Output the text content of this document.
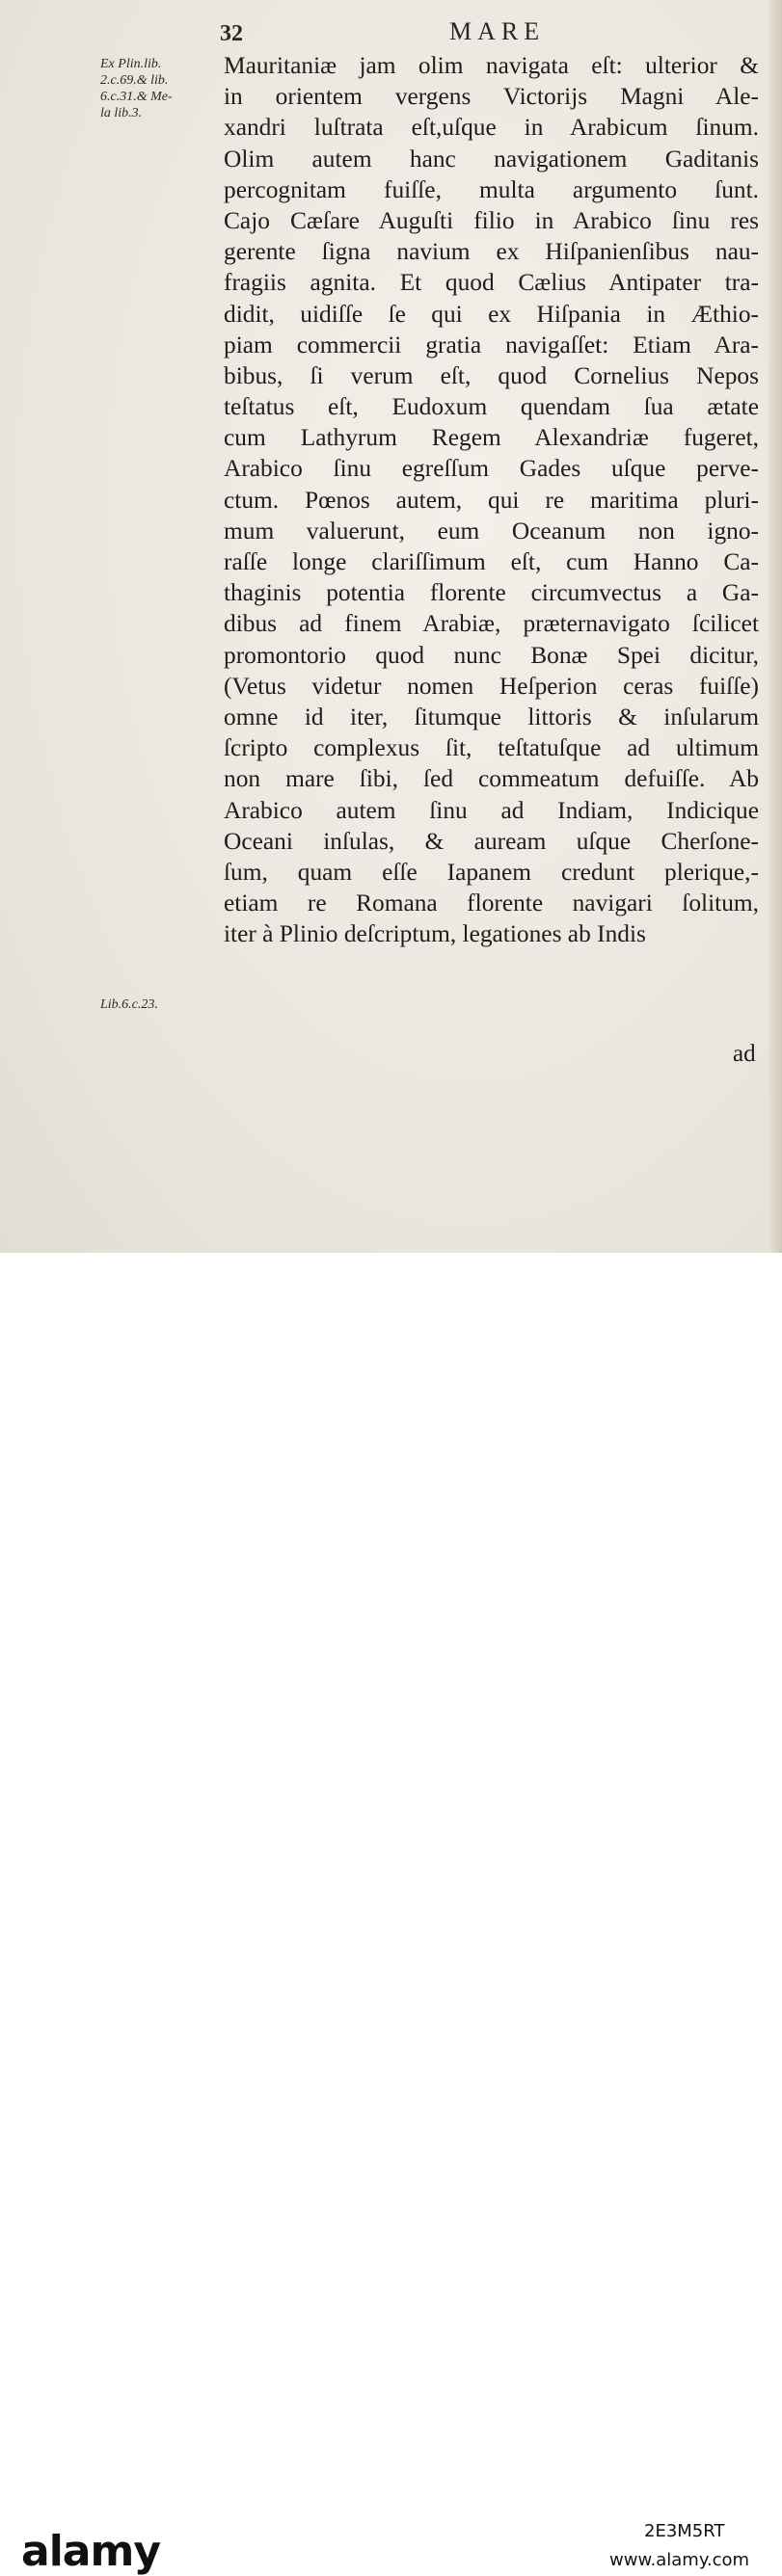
32	MARE
Ex Plin.lib.
2.c.69.& lib.
6.c.31.& Me-
la lib.3.
Lib.6.c.23.
Mauritaniæ jam olim navigata eſt: ulterior &
in orientem vergens Victorijs Magni Ale-
xandri luſtrata eſt,uſque in Arabicum ſinum.
Olim autem hanc navigationem Gaditanis
percognitam fuiſſe, multa argumento ſunt.
Cajo Cæſare Auguſti filio in Arabico ſinu res
gerente ſigna navium ex Hiſpanienſibus nau-
fragiis agnita. Et quod Cælius Antipater tra-
didit, uidiſſe ſe qui ex Hiſpania in Æthio-
piam commercii gratia navigaſſet: Etiam Ara-
bibus, ſi verum eſt, quod Cornelius Nepos
teſtatus eſt, Eudoxum quendam ſua ætate
cum Lathyrum Regem Alexandriæ fugeret,
Arabico ſinu egreſſum Gades uſque perve-
ctum. Pœnos autem, qui re maritima pluri-
mum valuerunt, eum Oceanum non igno-
raſſe longe clariſſimum eſt, cum Hanno Ca-
thaginis potentia florente circumvectus a Ga-
dibus ad finem Arabiæ, præternavigato ſcilicet
promontorio quod nunc Bonæ Spei dicitur,
(Vetus videtur nomen Heſperion ceras fuiſſe)
omne id iter, ſitumque littoris & inſularum
ſcripto complexus ſit, teſtatuſque ad ultimum
non mare ſibi, ſed commeatum defuiſſe. Ab
Arabico autem ſinu ad Indiam, Indicique
Oceani inſulas, & auream uſque Cherſone-
ſum, quam eſſe Iapanem credunt plerique,-
etiam re Romana florente navigari ſolitum,
iter à Plinio deſcriptum, legationes ab Indis
ad
alamy	2E3M5RT
www.alamy.com
